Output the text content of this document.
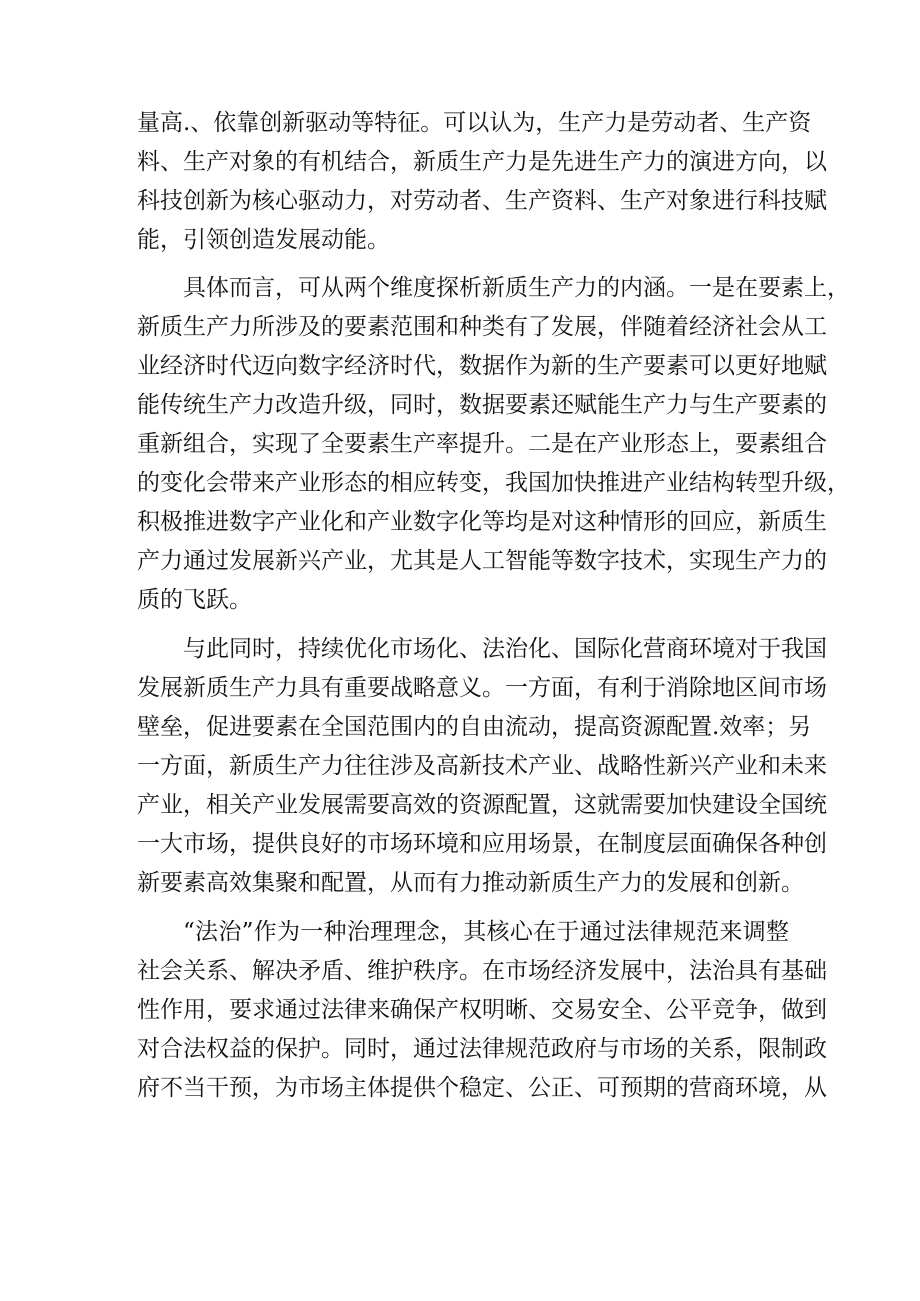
量高.、依靠创新驱动等特征。可以认为，生产力是劳动者、生产资
料、生产对象的有机结合，新质生产力是先进生产力的演进方向，以
科技创新为核心驱动力，对劳动者、生产资料、生产对象进行科技赋
能，引领创造发展动能。
具体而言，可从两个维度探析新质生产力的内涵。一是在要素上，
新质生产力所涉及的要素范围和种类有了发展，伴随着经济社会从工
业经济时代迈向数字经济时代，数据作为新的生产要素可以更好地赋
能传统生产力改造升级，同时，数据要素还赋能生产力与生产要素的
重新组合，实现了全要素生产率提升。二是在产业形态上，要素组合
的变化会带来产业形态的相应转变，我国加快推进产业结构转型升级，
积极推进数字产业化和产业数字化等均是对这种情形的回应，新质生
产力通过发展新兴产业，尤其是人工智能等数字技术，实现生产力的
质的飞跃。
与此同时，持续优化市场化、法治化、国际化营商环境对于我国
发展新质生产力具有重要战略意义。一方面，有利于消除地区间市场
壁垒，促进要素在全国范围内的自由流动，提高资源配置.效率；另
一方面，新质生产力往往涉及高新技术产业、战略性新兴产业和未来
产业，相关产业发展需要高效的资源配置，这就需要加快建设全国统
一大市场，提供良好的市场环境和应用场景，在制度层面确保各种创
新要素高效集聚和配置，从而有力推动新质生产力的发展和创新。
“法治”作为一种治理理念，其核心在于通过法律规范来调整
社会关系、解决矛盾、维护秩序。在市场经济发展中，法治具有基础
性作用，要求通过法律来确保产权明晰、交易安全、公平竞争，做到
对合法权益的保护。同时，通过法律规范政府与市场的关系，限制政
府不当干预，为市场主体提供个稳定、公正、可预期的营商环境，从
